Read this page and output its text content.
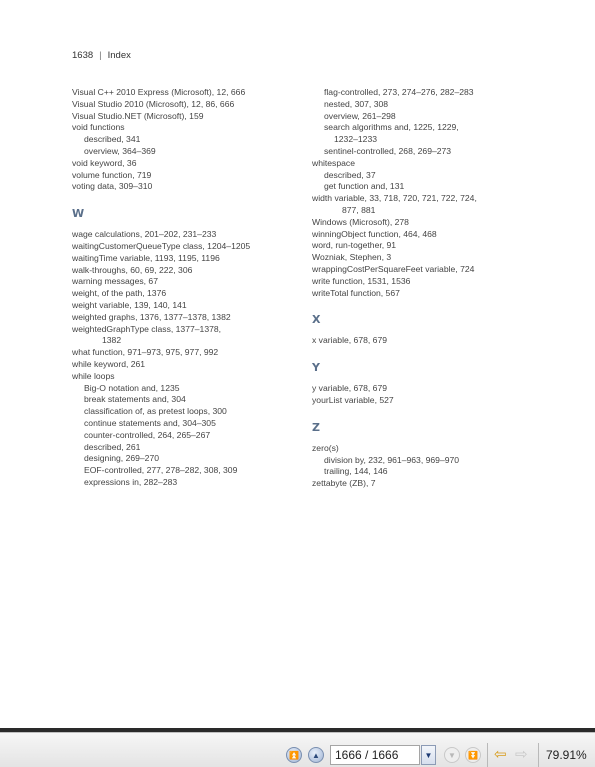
1638 | Index
Visual C++ 2010 Express (Microsoft), 12, 666
Visual Studio 2010 (Microsoft), 12, 86, 666
Visual Studio.NET (Microsoft), 159
void functions
described, 341
overview, 364–369
void keyword, 36
volume function, 719
voting data, 309–310
W
wage calculations, 201–202, 231–233
waitingCustomerQueueType class, 1204–1205
waitingTime variable, 1193, 1195, 1196
walk-throughs, 60, 69, 222, 306
warning messages, 67
weight, of the path, 1376
weight variable, 139, 140, 141
weighted graphs, 1376, 1377–1378, 1382
weightedGraphType class, 1377–1378,
1382
what function, 971–973, 975, 977, 992
while keyword, 261
while loops
Big-O notation and, 1235
break statements and, 304
classification of, as pretest loops, 300
continue statements and, 304–305
counter-controlled, 264, 265–267
described, 261
designing, 269–270
EOF-controlled, 277, 278–282, 308, 309
expressions in, 282–283
flag-controlled, 273, 274–276, 282–283
nested, 307, 308
overview, 261–298
search algorithms and, 1225, 1229,
1232–1233
sentinel-controlled, 268, 269–273
whitespace
described, 37
get function and, 131
width variable, 33, 718, 720, 721, 722, 724,
877, 881
Windows (Microsoft), 278
winningObject function, 464, 468
word, run-together, 91
Wozniak, Stephen, 3
wrappingCostPerSquareFeet variable, 724
write function, 1531, 1536
writeTotal function, 567
X
x variable, 678, 679
Y
y variable, 678, 679
yourList variable, 527
Z
zero(s)
division by, 232, 961–963, 969–970
trailing, 144, 146
zettabyte (ZB), 7
⏫	▲	1666 / 1666	▼	▼	⏬ ⇦ ⇨ 79.91%
